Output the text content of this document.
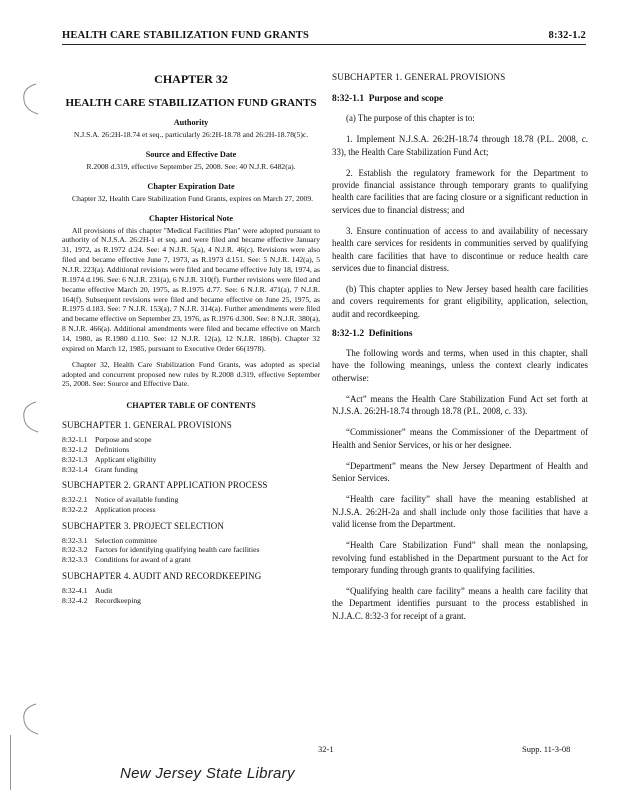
HEALTH CARE STABILIZATION FUND GRANTS	8:32-1.2
CHAPTER 32
HEALTH CARE STABILIZATION FUND GRANTS
Authority
N.J.S.A. 26:2H-18.74 et seq., particularly 26:2H-18.78 and 26:2H-18.78(5)c.
Source and Effective Date
R.2008 d.319, effective September 25, 2008. See: 40 N.J.R. 6482(a).
Chapter Expiration Date
Chapter 32, Health Care Stabilization Fund Grants, expires on March 27, 2009.
Chapter Historical Note
All provisions of this chapter "Medical Facilities Plan" were adopted pursuant to authority of N.J.S.A. 26:2H-1 et seq. and were filed and became effective January 31, 1972, as R.1972 d.24. See: 4 N.J.R. 5(a), 4 N.J.R. 46(c). Revisions were also filed and became effective June 7, 1973, as R.1973 d.151. See: 5 N.J.R. 142(a), 5 N.J.R. 223(a). Additional revisions were filed and became effective July 18, 1974, as R.1974 d.196. See: 6 N.J.R. 231(a), 6 N.J.R. 310(f). Further revisions were filed and became effective March 20, 1975, as R.1975 d.77. See: 6 N.J.R. 471(a), 7 N.J.R. 164(f). Subsequent revisions were filed and became effective on June 25, 1975, as R.1975 d.183. See: 7 N.J.R. 153(a), 7 N.J.R. 314(a). Further amendments were filed and became effective on September 23, 1976, as R.1976 d.300. See: 8 N.J.R. 380(a), 8 N.J.R. 466(a). Additional amendments were filed and became effective on March 14, 1980, as R.1980 d.110. See: 12 N.J.R. 12(a), 12 N.J.R. 186(b). Chapter 32 expired on March 12, 1985, pursuant to Executive Order 66(1978).
Chapter 32, Health Care Stabilization Fund Grants, was adopted as special adopted and concurrent proposed new rules by R.2008 d.319, effective September 25, 2008. See: Source and Effective Date.
CHAPTER TABLE OF CONTENTS
SUBCHAPTER 1. GENERAL PROVISIONS
8:32-1.1 Purpose and scope
8:32-1.2 Definitions
8:32-1.3 Applicant eligibility
8:32-1.4 Grant funding
SUBCHAPTER 2. GRANT APPLICATION PROCESS
8:32-2.1 Notice of available funding
8:32-2.2 Application process
SUBCHAPTER 3. PROJECT SELECTION
8:32-3.1 Selection committee
8:32-3.2 Factors for identifying qualifying health care facilities
8:32-3.3 Conditions for award of a grant
SUBCHAPTER 4. AUDIT AND RECORDKEEPING
8:32-4.1 Audit
8:32-4.2 Recordkeeping
SUBCHAPTER 1. GENERAL PROVISIONS
8:32-1.1 Purpose and scope
(a) The purpose of this chapter is to:
1. Implement N.J.S.A. 26:2H-18.74 through 18.78 (P.L. 2008, c. 33), the Health Care Stabilization Fund Act;
2. Establish the regulatory framework for the Department to provide financial assistance through temporary grants to qualifying health care facilities that are facing closure or a significant reduction in services due to financial distress; and
3. Ensure continuation of access to and availability of necessary health care services for residents in communities served by qualifying health care facilities that have to discontinue or reduce health care services due to financial distress.
(b) This chapter applies to New Jersey based health care facilities and covers requirements for grant eligibility, application, selection, audit and recordkeeping.
8:32-1.2 Definitions
The following words and terms, when used in this chapter, shall have the following meanings, unless the context clearly indicates otherwise:
“Act” means the Health Care Stabilization Fund Act set forth at N.J.S.A. 26:2H-18.74 through 18.78 (P.L. 2008, c. 33).
“Commissioner” means the Commissioner of the Department of Health and Senior Services, or his or her designee.
“Department” means the New Jersey Department of Health and Senior Services.
“Health care facility” shall have the meaning established at N.J.S.A. 26:2H-2a and shall include only those facilities that have a valid license from the Department.
“Health Care Stabilization Fund” shall mean the nonlapsing, revolving fund established in the Department pursuant to the Act for temporary funding through grants to qualifying facilities.
“Qualifying health care facility” means a health care facility that the Department identifies pursuant to the process established in N.J.A.C. 8:32-3 for receipt of a grant.
32-1	Supp. 11-3-08
New Jersey State Library
